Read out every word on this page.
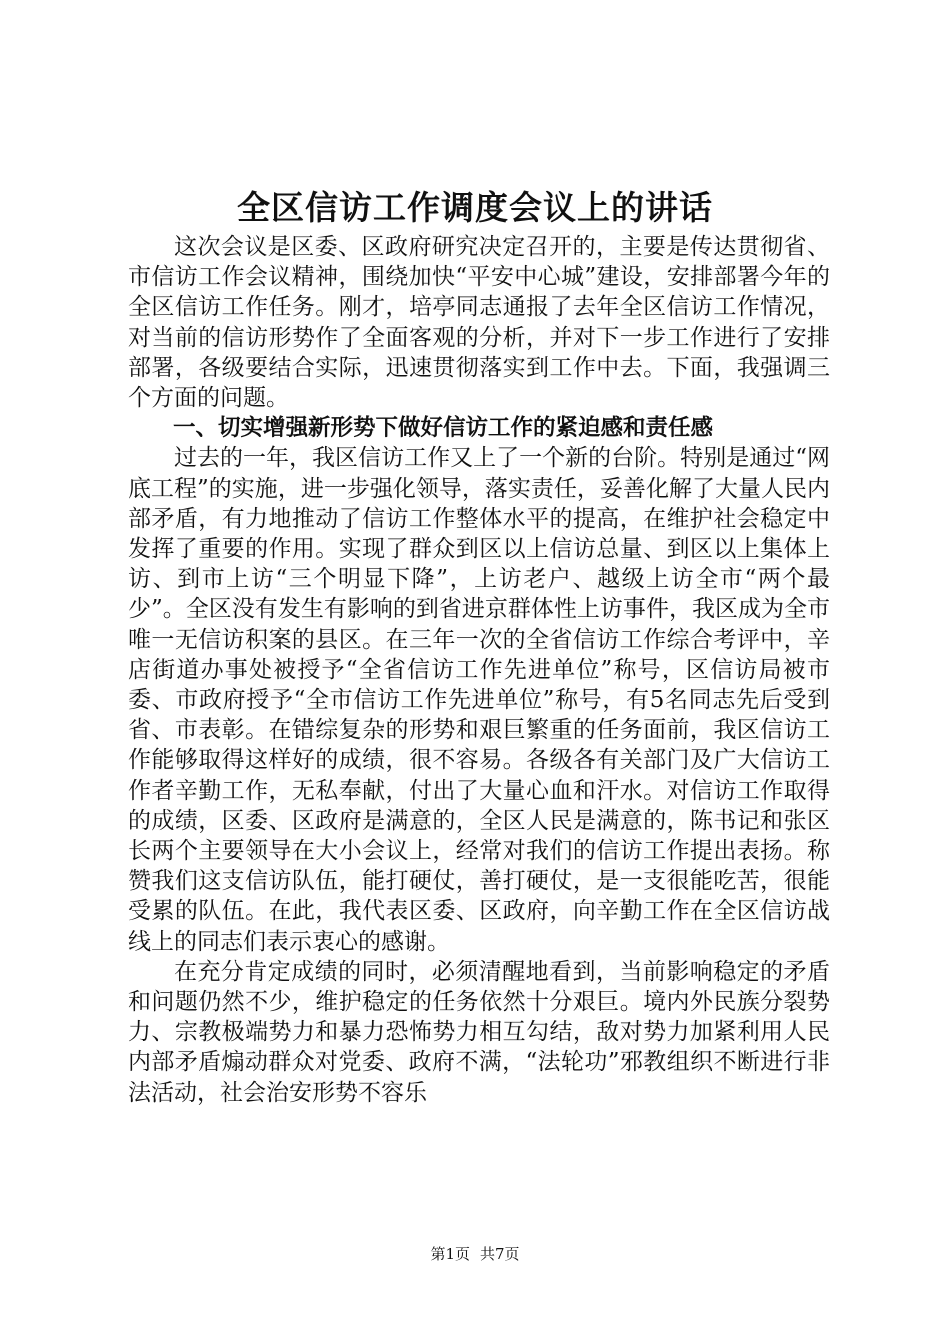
全区信访工作调度会议上的讲话

这次会议是区委、区政府研究决定召开的，主要是传达贯彻省、市信访工作会议精神，围绕加快“平安中心城”建设，安排部署今年的全区信访工作任务。刚才，培亭同志通报了去年全区信访工作情况，对当前的信访形势作了全面客观的分析，并对下一步工作进行了安排部署，各级要结合实际，迅速贯彻落实到工作中去。下面，我强调三个方面的问题。

一、切实增强新形势下做好信访工作的紧迫感和责任感

过去的一年，我区信访工作又上了一个新的台阶。特别是通过“网底工程”的实施，进一步强化领导，落实责任，妥善化解了大量人民内部矛盾，有力地推动了信访工作整体水平的提高，在维护社会稳定中发挥了重要的作用。实现了群众到区以上信访总量、到区以上集体上访、到市上访“三个明显下降”，上访老户、越级上访全市“两个最少”。全区没有发生有影响的到省进京群体性上访事件，我区成为全市唯一无信访积案的县区。在三年一次的全省信访工作综合考评中，辛店街道办事处被授予“全省信访工作先进单位”称号，区信访局被市委、市政府授予“全市信访工作先进单位”称号，有5名同志先后受到省、市表彰。在错综复杂的形势和艰巨繁重的任务面前，我区信访工作能够取得这样好的成绩，很不容易。各级各有关部门及广大信访工作者辛勤工作，无私奉献，付出了大量心血和汗水。对信访工作取得的成绩，区委、区政府是满意的，全区人民是满意的，陈书记和张区长两个主要领导在大小会议上，经常对我们的信访工作提出表扬。称赞我们这支信访队伍，能打硬仗，善打硬仗，是一支很能吃苦，很能受累的队伍。在此，我代表区委、区政府，向辛勤工作在全区信访战线上的同志们表示衷心的感谢。

在充分肯定成绩的同时，必须清醒地看到，当前影响稳定的矛盾和问题仍然不少，维护稳定的任务依然十分艰巨。境内外民族分裂势力、宗教极端势力和暴力恐怖势力相互勾结，敌对势力加紧利用人民内部矛盾煽动群众对党委、政府不满，“法轮功”邪教组织不断进行非法活动，社会治安形势不容乐

第1页 共7页
